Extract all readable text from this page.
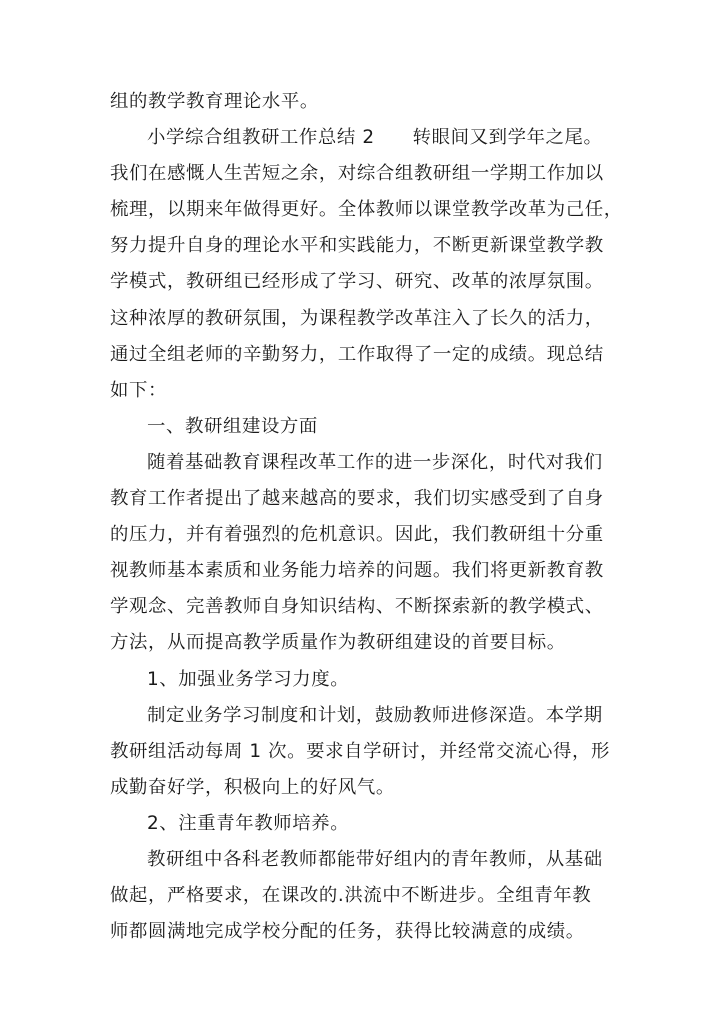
组的教学教育理论水平。
小学综合组教研工作总结 2　　转眼间又到学年之尾。
我们在感慨人生苦短之余，对综合组教研组一学期工作加以
梳理，以期来年做得更好。全体教师以课堂教学改革为己任，
努力提升自身的理论水平和实践能力，不断更新课堂教学教
学模式，教研组已经形成了学习、研究、改革的浓厚氛围。
这种浓厚的教研氛围，为课程教学改革注入了长久的活力，
通过全组老师的辛勤努力，工作取得了一定的成绩。现总结
如下：
一、教研组建设方面
随着基础教育课程改革工作的进一步深化，时代对我们
教育工作者提出了越来越高的要求，我们切实感受到了自身
的压力，并有着强烈的危机意识。因此，我们教研组十分重
视教师基本素质和业务能力培养的问题。我们将更新教育教
学观念、完善教师自身知识结构、不断探索新的教学模式、
方法，从而提高教学质量作为教研组建设的首要目标。
1、加强业务学习力度。
制定业务学习制度和计划，鼓励教师进修深造。本学期
教研组活动每周 1 次。要求自学研讨，并经常交流心得，形
成勤奋好学，积极向上的好风气。
2、注重青年教师培养。
教研组中各科老教师都能带好组内的青年教师，从基础
做起，严格要求，在课改的.洪流中不断进步。全组青年教
师都圆满地完成学校分配的任务，获得比较满意的成绩。
